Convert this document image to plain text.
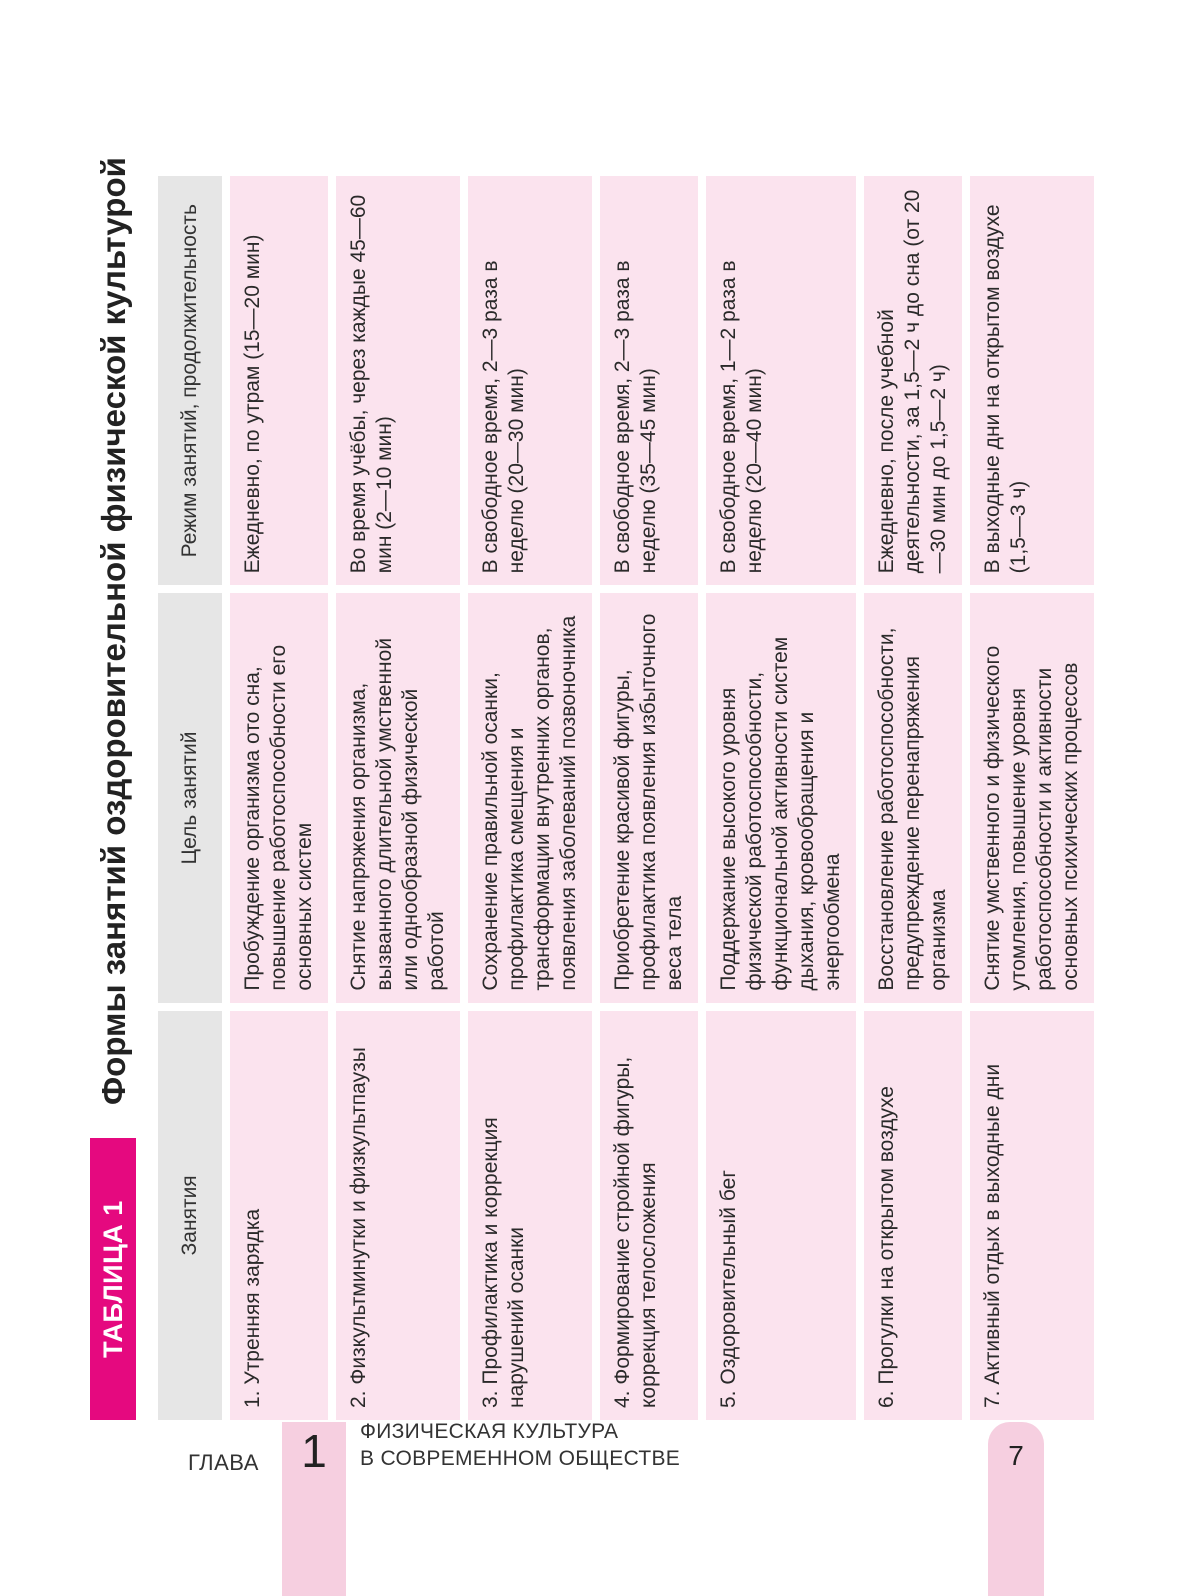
ТАБЛИЦА 1
Формы занятий оздоровительной физической культурой
Занятия	Цель занятий	Режим занятий, продолжительность
1. Утренняя зарядка	Пробуждение организма ото сна, повышение работоспособности его основных систем	Ежедневно, по утрам (15—20 мин)
2. Физкультминутки и физкультпаузы	Снятие напряжения организма, вызванного длительной умственной или однообразной физической работой	Во время учёбы, через каждые 45—60 мин (2—10 мин)
3. Профилактика и коррекция нарушений осанки	Сохранение правильной осанки, профилактика смещения и трансформации внутренних органов, появления заболеваний позвоночника	В свободное время, 2—3 раза в неделю (20—30 мин)
4. Формирование стройной фигуры, коррекция телосложения	Приобретение красивой фигуры, профилактика появления избыточного веса тела	В свободное время, 2—3 раза в неделю (35—45 мин)
5. Оздоровительный бег	Поддержание высокого уровня физической работоспособности, функциональной активности систем дыхания, кровообращения и энергообмена	В свободное время, 1—2 раза в неделю (20—40 мин)
6. Прогулки на открытом воздухе	Восстановление работоспособности, предупреждение перенапряжения организма	Ежедневно, после учебной деятельности, за 1,5—2 ч до сна (от 20—30 мин до 1,5—2 ч)
7. Активный отдых в выходные дни	Снятие умственного и физического утомления, повышение уровня работоспособности и активности основных психических процессов	В выходные дни на открытом воздухе (1,5—3 ч)
ГЛАВА 1	ФИЗИЧЕСКАЯ КУЛЬТУРА
В СОВРЕМЕННОМ ОБЩЕСТВЕ	7
